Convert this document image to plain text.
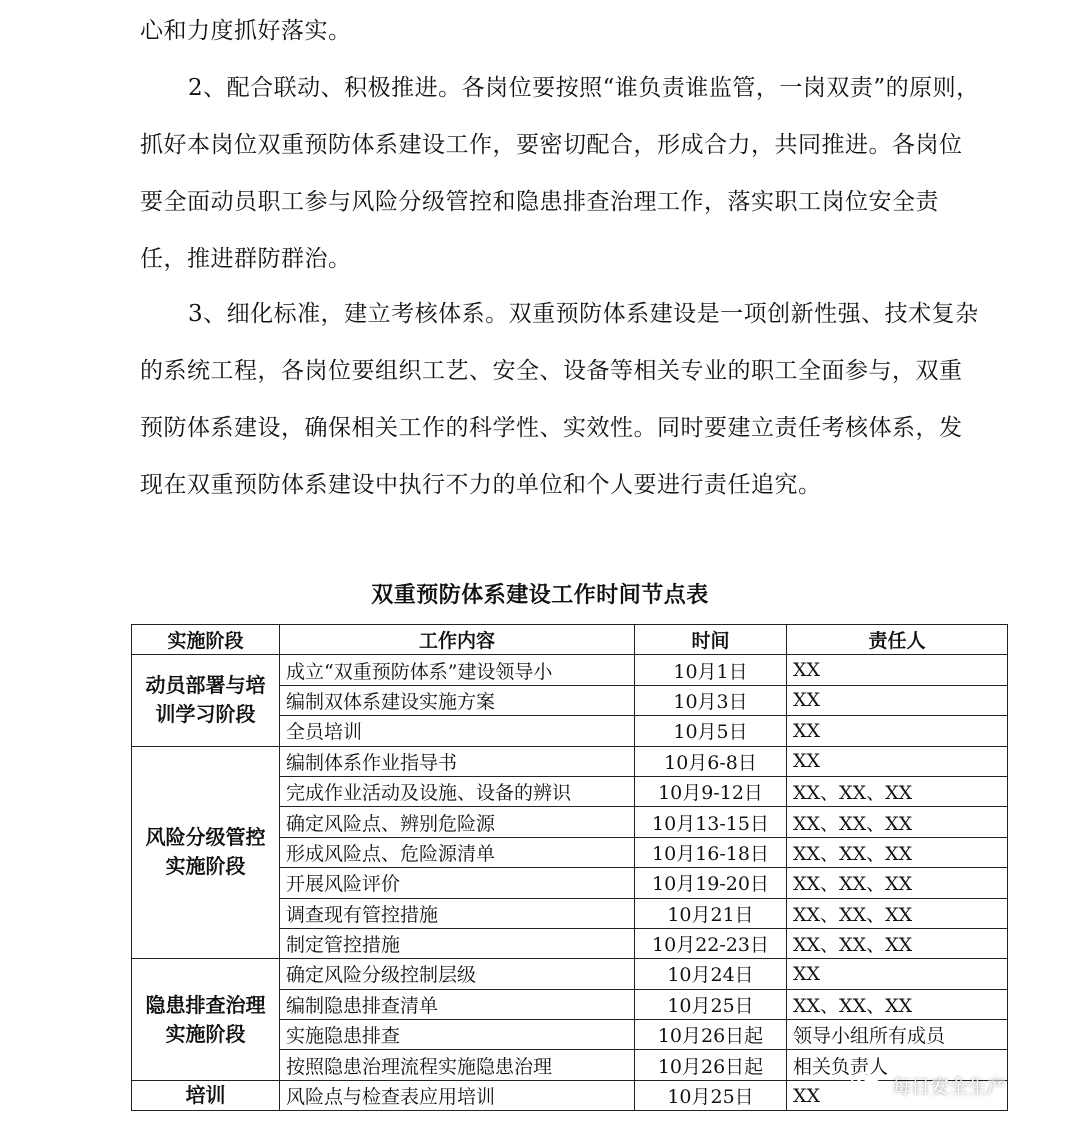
心和力度抓好落实。

2、配合联动、积极推进。各岗位要按照“谁负责谁监管，一岗双责”的原则，抓好本岗位双重预防体系建设工作，要密切配合，形成合力，共同推进。各岗位要全面动员职工参与风险分级管控和隐患排查治理工作，落实职工岗位安全责任，推进群防群治。

3、细化标准，建立考核体系。双重预防体系建设是一项创新性强、技术复杂的系统工程，各岗位要组织工艺、安全、设备等相关专业的职工全面参与，双重预防体系建设，确保相关工作的科学性、实效性。同时要建立责任考核体系，发现在双重预防体系建设中执行不力的单位和个人要进行责任追究。

双重预防体系建设工作时间节点表
实施阶段	工作内容	时间	责任人
动员部署与培训学习阶段	成立“双重预防体系”建设领导小	10月1日	XX
	编制双体系建设实施方案	10月3日	XX
	全员培训	10月5日	XX
风险分级管控实施阶段	编制体系作业指导书	10月6-8日	XX
	完成作业活动及设施、设备的辨识	10月9-12日	XX、XX、XX
	确定风险点、辨别危险源	10月13-15日	XX、XX、XX
	形成风险点、危险源清单	10月16-18日	XX、XX、XX
	开展风险评价	10月19-20日	XX、XX、XX
	调查现有管控措施	10月21日	XX、XX、XX
	制定管控措施	10月22-23日	XX、XX、XX
隐患排查治理实施阶段	确定风险分级控制层级	10月24日	XX
	编制隐患排查清单	10月25日	XX、XX、XX
	实施隐患排查	10月26日起	领导小组所有成员
	按照隐患治理流程实施隐患治理	10月26日起	相关负责人
培训	风险点与检查表应用培训	10月25日	XX	每日安全生产
